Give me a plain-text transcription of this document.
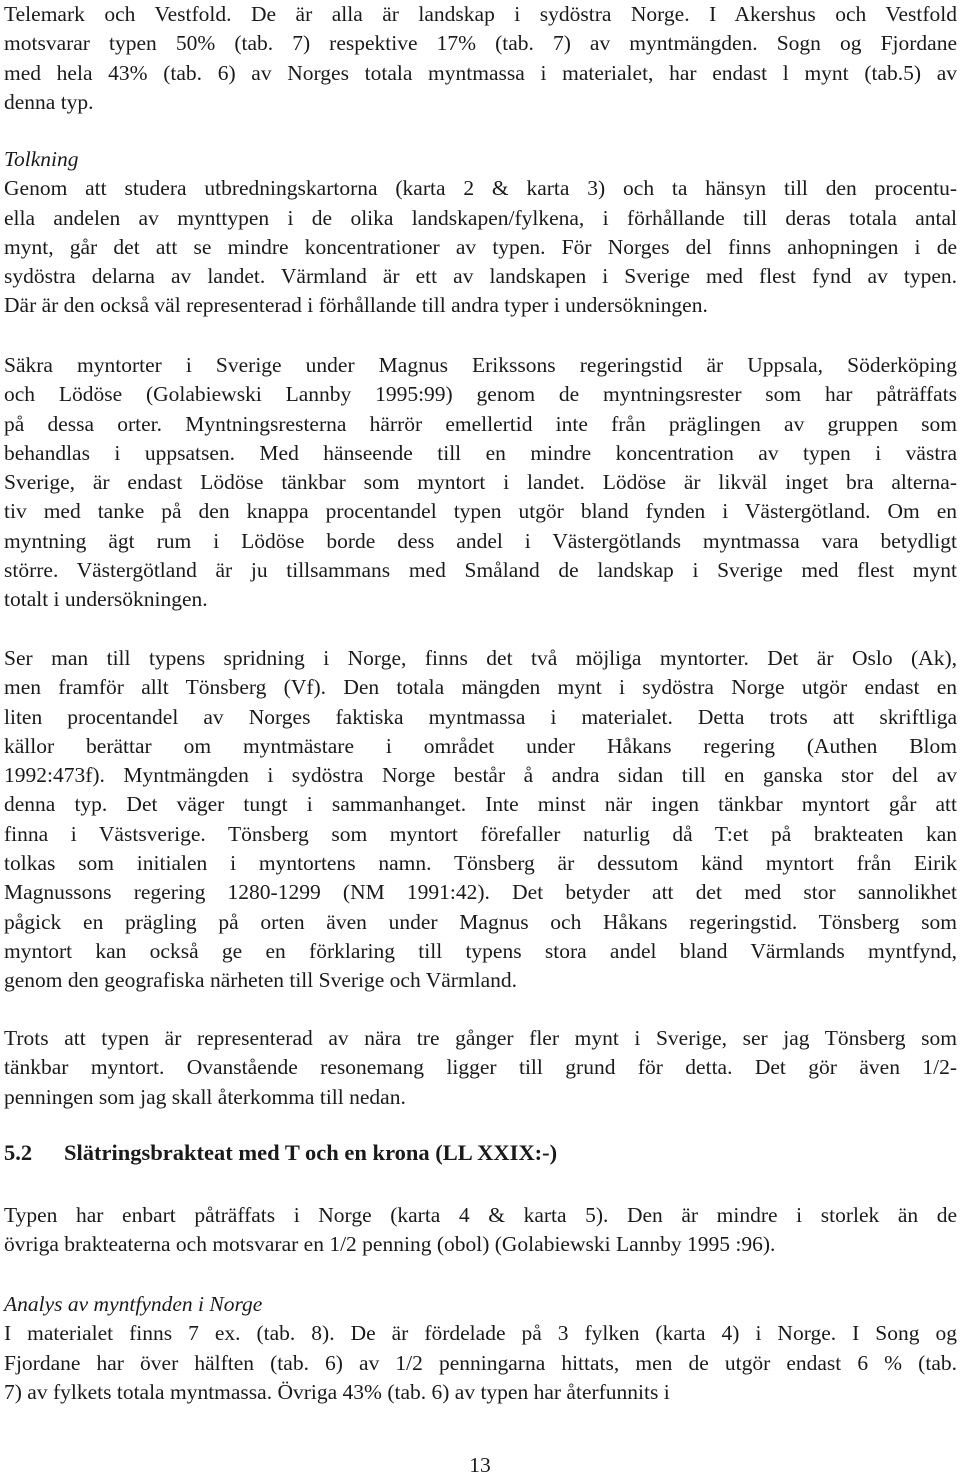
Telemark och Vestfold. De är alla är landskap i sydöstra Norge. I Akershus och Vestfold
motsvarar typen 50% (tab. 7) respektive 17% (tab. 7) av myntmängden. Sogn og Fjordane
med hela 43% (tab. 6) av Norges totala myntmassa i materialet, har endast l mynt (tab.5) av
denna typ.
Tolkning
Genom att studera utbredningskartorna (karta 2 & karta 3) och ta hänsyn till den procentu-
ella andelen av mynttypen i de olika landskapen/fylkena, i förhållande till deras totala antal
mynt, går det att se mindre koncentrationer av typen. För Norges del finns anhopningen i de
sydöstra delarna av landet. Värmland är ett av landskapen i Sverige med flest fynd av typen.
Där är den också väl representerad i förhållande till andra typer i undersökningen.
Säkra myntorter i Sverige under Magnus Erikssons regeringstid är Uppsala, Söderköping
och Lödöse (Golabiewski Lannby 1995:99) genom de myntningsrester som har påträffats
på dessa orter. Myntningsresterna härrör emellertid inte från präglingen av gruppen som
behandlas i uppsatsen. Med hänseende till en mindre koncentration av typen i västra
Sverige, är endast Lödöse tänkbar som myntort i landet. Lödöse är likväl inget bra alterna-
tiv med tanke på den knappa procentandel typen utgör bland fynden i Västergötland. Om en
myntning ägt rum i Lödöse borde dess andel i Västergötlands myntmassa vara betydligt
större. Västergötland är ju tillsammans med Småland de landskap i Sverige med flest mynt
totalt i undersökningen.
Ser man till typens spridning i Norge, finns det två möjliga myntorter. Det är Oslo (Ak),
men framför allt Tönsberg (Vf). Den totala mängden mynt i sydöstra Norge utgör endast en
liten procentandel av Norges faktiska myntmassa i materialet. Detta trots att skriftliga
källor berättar om myntmästare i området under Håkans regering (Authen Blom
1992:473f). Myntmängden i sydöstra Norge består å andra sidan till en ganska stor del av
denna typ. Det väger tungt i sammanhanget. Inte minst när ingen tänkbar myntort går att
finna i Västsverige. Tönsberg som myntort förefaller naturlig då T:et på brakteaten kan
tolkas som initialen i myntortens namn. Tönsberg är dessutom känd myntort från Eirik
Magnussons regering 1280-1299 (NM 1991:42). Det betyder att det med stor sannolikhet
pågick en prägling på orten även under Magnus och Håkans regeringstid. Tönsberg som
myntort kan också ge en förklaring till typens stora andel bland Värmlands myntfynd,
genom den geografiska närheten till Sverige och Värmland.
Trots att typen är representerad av nära tre gånger fler mynt i Sverige, ser jag Tönsberg som
tänkbar myntort. Ovanstående resonemang ligger till grund för detta. Det gör även 1/2-
penningen som jag skall återkomma till nedan.
5.2 Slätringsbrakteat med T och en krona (LL XXIX:-)
Typen har enbart påträffats i Norge (karta 4 & karta 5). Den är mindre i storlek än de
övriga brakteaterna och motsvarar en 1/2 penning (obol) (Golabiewski Lannby 1995 :96).
Analys av myntfynden i Norge
I materialet finns 7 ex. (tab. 8). De är fördelade på 3 fylken (karta 4) i Norge. I Song og
Fjordane har över hälften (tab. 6) av 1/2 penningarna hittats, men de utgör endast 6 % (tab.
7) av fylkets totala myntmassa. Övriga 43% (tab. 6) av typen har återfunnits i

13
